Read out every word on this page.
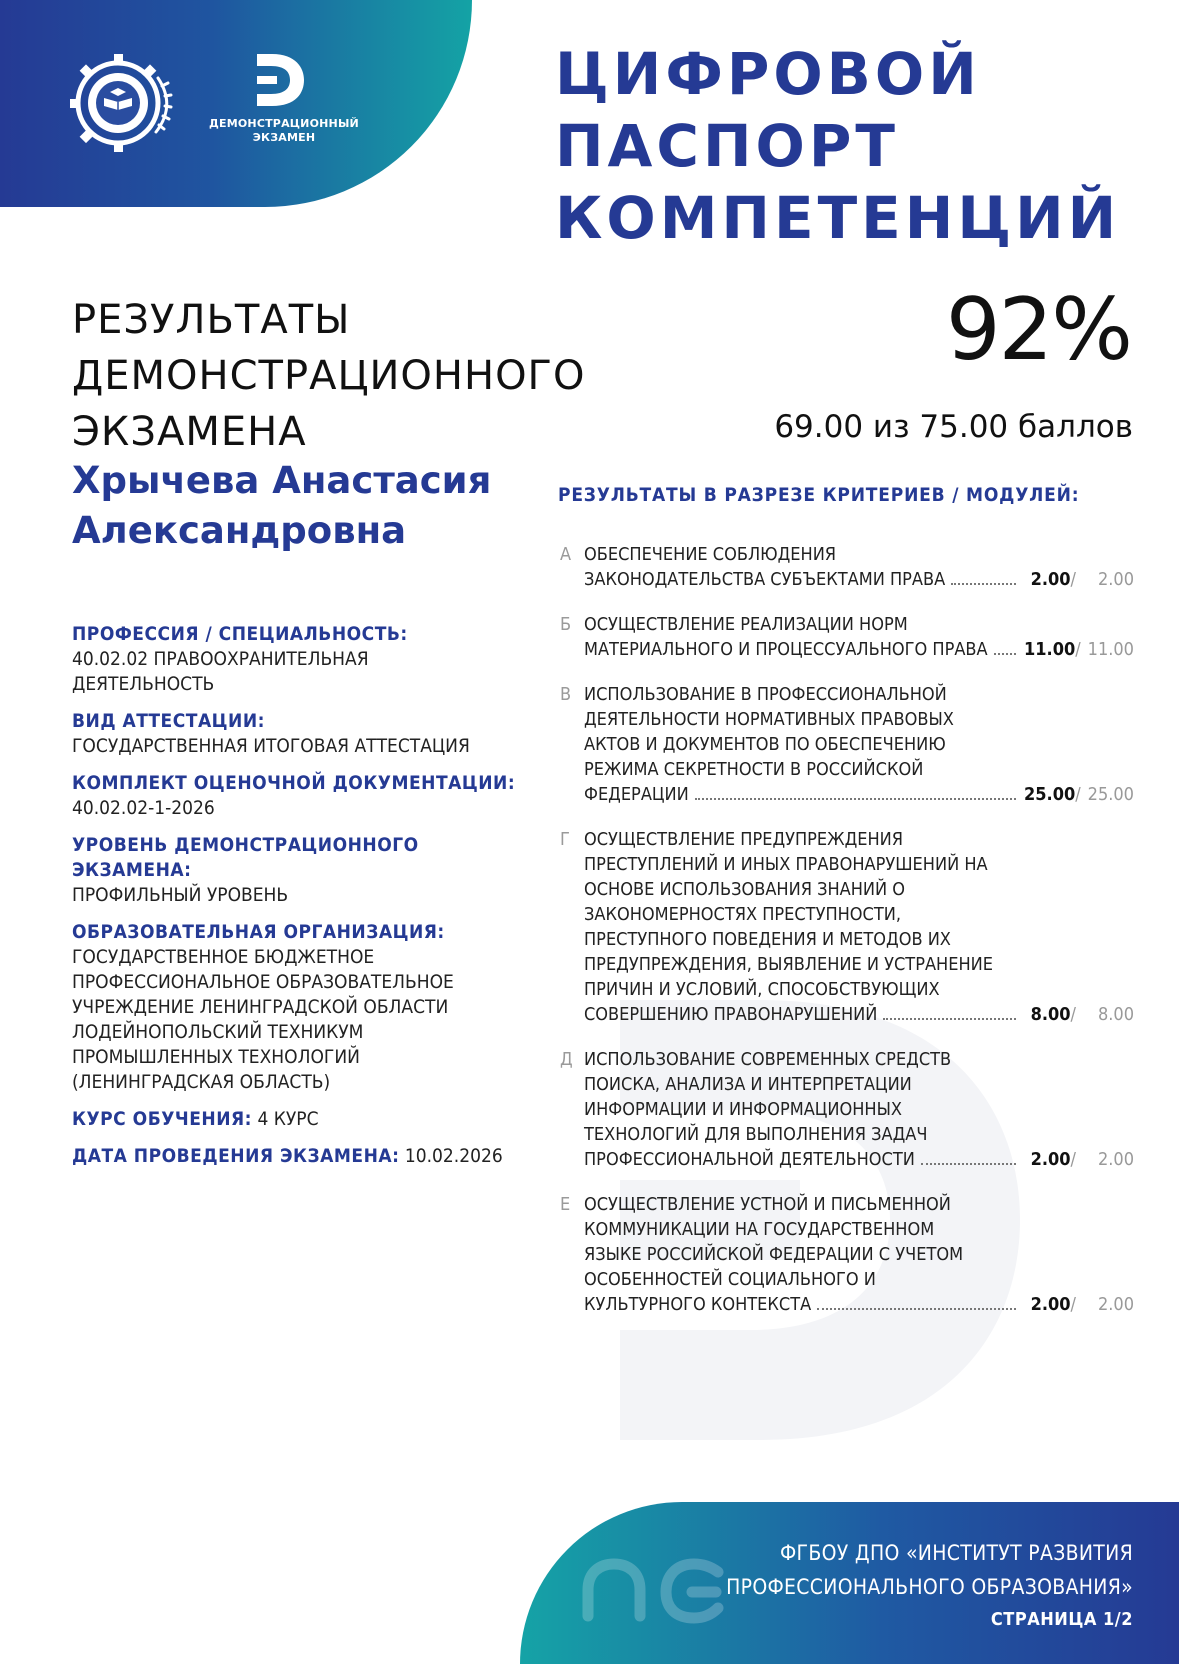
ДЕМОНСТРАЦИОННЫЙ ЭКЗАМЕН
ЦИФРОВОЙ ПАСПОРТ
КОМПЕТЕНЦИЙ
РЕЗУЛЬТАТЫ ДЕМОНСТРАЦИОННОГО
ЭКЗАМЕНА
92%
69.00 из 75.00 баллов
Хрычева Анастасия
Александровна
ПРОФЕССИЯ / СПЕЦИАЛЬНОСТЬ:
40.02.02 ПРАВООХРАНИТЕЛЬНАЯ
ДЕЯТЕЛЬНОСТЬ
ВИД АТТЕСТАЦИИ:
ГОСУДАРСТВЕННАЯ ИТОГОВАЯ АТТЕСТАЦИЯ
КОМПЛЕКТ ОЦЕНОЧНОЙ ДОКУМЕНТАЦИИ:
40.02.02-1-2026
УРОВЕНЬ ДЕМОНСТРАЦИОННОГО
ЭКЗАМЕНА:
ПРОФИЛЬНЫЙ УРОВЕНЬ
ОБРАЗОВАТЕЛЬНАЯ ОРГАНИЗАЦИЯ:
ГОСУДАРСТВЕННОЕ БЮДЖЕТНОЕ
ПРОФЕССИОНАЛЬНОЕ ОБРАЗОВАТЕЛЬНОЕ
УЧРЕЖДЕНИЕ ЛЕНИНГРАДСКОЙ ОБЛАСТИ
ЛОДЕЙНОПОЛЬСКИЙ ТЕХНИКУМ
ПРОМЫШЛЕННЫХ ТЕХНОЛОГИЙ
(ЛЕНИНГРАДСКАЯ ОБЛАСТЬ)
КУРС ОБУЧЕНИЯ: 4 КУРС
ДАТА ПРОВЕДЕНИЯ ЭКЗАМЕНА: 10.02.2026
РЕЗУЛЬТАТЫ В РАЗРЕЗЕ КРИТЕРИЕВ / МОДУЛЕЙ:
А ОБЕСПЕЧЕНИЕ СОБЛЮДЕНИЯ
ЗАКОНОДАТЕЛЬСТВА СУБЪЕКТАМИ ПРАВА	2.00 /	2.00
Б ОСУЩЕСТВЛЕНИЕ РЕАЛИЗАЦИИ НОРМ
МАТЕРИАЛЬНОГО И ПРОЦЕССУАЛЬНОГО ПРАВА 11.00 / 11.00
В ИСПОЛЬЗОВАНИЕ В ПРОФЕССИОНАЛЬНОЙ
ДЕЯТЕЛЬНОСТИ НОРМАТИВНЫХ ПРАВОВЫХ
АКТОВ И ДОКУМЕНТОВ ПО ОБЕСПЕЧЕНИЮ
РЕЖИМА СЕКРЕТНОСТИ В РОССИЙСКОЙ
ФЕДЕРАЦИИ	25.00 / 25.00
Г ОСУЩЕСТВЛЕНИЕ ПРЕДУПРЕЖДЕНИЯ
ПРЕСТУПЛЕНИЙ И ИНЫХ ПРАВОНАРУШЕНИЙ НА
ОСНОВЕ ИСПОЛЬЗОВАНИЯ ЗНАНИЙ О
ЗАКОНОМЕРНОСТЯХ ПРЕСТУПНОСТИ,
ПРЕСТУПНОГО ПОВЕДЕНИЯ И МЕТОДОВ ИХ
ПРЕДУПРЕЖДЕНИЯ, ВЫЯВЛЕНИЕ И УСТРАНЕНИЕ
ПРИЧИН И УСЛОВИЙ, СПОСОБСТВУЮЩИХ
СОВЕРШЕНИЮ ПРАВОНАРУШЕНИЙ	8.00 /	8.00
Д ИСПОЛЬЗОВАНИЕ СОВРЕМЕННЫХ СРЕДСТВ
ПОИСКА, АНАЛИЗА И ИНТЕРПРЕТАЦИИ
ИНФОРМАЦИИ И ИНФОРМАЦИОННЫХ
ТЕХНОЛОГИЙ ДЛЯ ВЫПОЛНЕНИЯ ЗАДАЧ
ПРОФЕССИОНАЛЬНОЙ ДЕЯТЕЛЬНОСТИ	2.00 /	2.00
Е ОСУЩЕСТВЛЕНИЕ УСТНОЙ И ПИСЬМЕННОЙ
КОММУНИКАЦИИ НА ГОСУДАРСТВЕННОМ
ЯЗЫКЕ РОССИЙСКОЙ ФЕДЕРАЦИИ С УЧЕТОМ
ОСОБЕННОСТЕЙ СОЦИАЛЬНОГО И
КУЛЬТУРНОГО КОНТЕКСТА	2.00 /	2.00
ФГБОУ ДПО «ИНСТИТУТ РАЗВИТИЯ
ПРОФЕССИОНАЛЬНОГО ОБРАЗОВАНИЯ»
СТРАНИЦА 1/2
